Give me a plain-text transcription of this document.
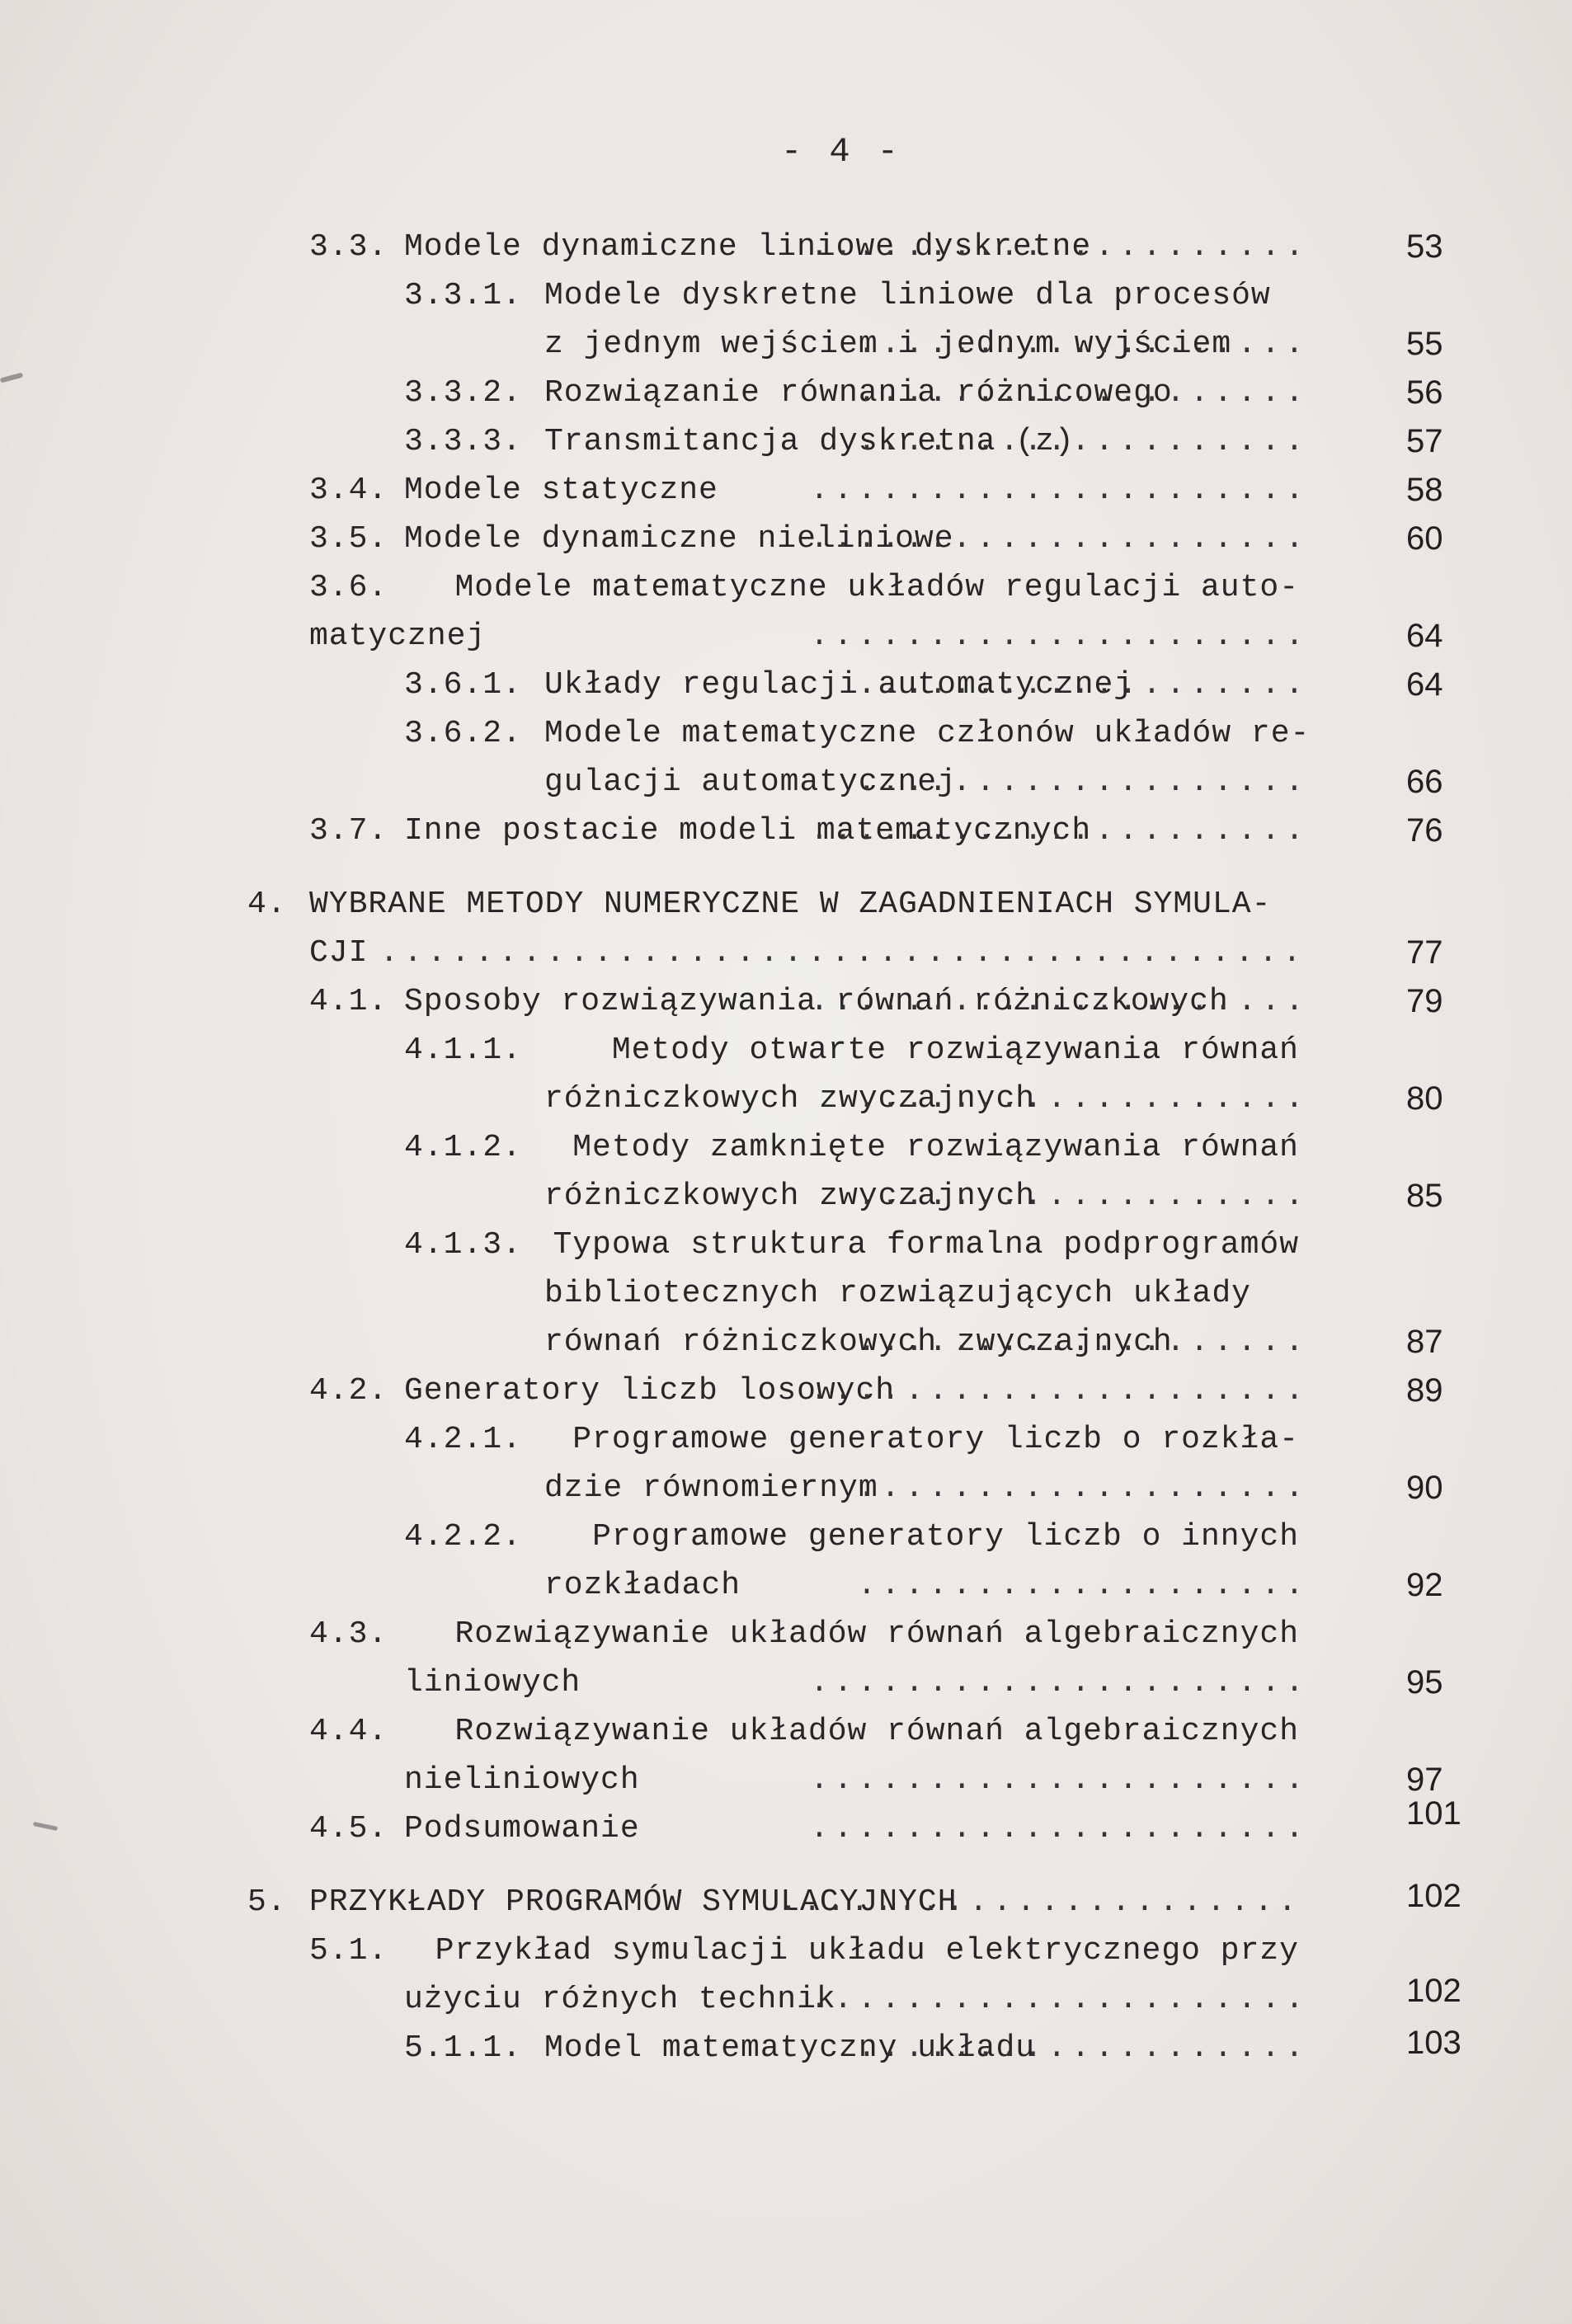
- 4 -
3.3. Modele dynamiczne liniowe dyskretne .....	53
3.3.1. Modele dyskretne liniowe dla procesów
z jednym wejściem i jednym wyjściem .....	55
3.3.2. Rozwiązanie równania różnicowego .....	56
3.3.3. Transmitancja dyskretna (z) .....	57
3.4. Modele statyczne .....	58
3.5. Modele dynamiczne nieliniowe .....	60
3.6.	Modele matematyczne układów regulacji auto-
matycznej .....	64
3.6.1. Układy regulacji automatycznej .....	64
3.6.2. Modele matematyczne członów układów re-
gulacji automatycznej .....	66
3.7. Inne postacie modeli matematycznych .....	76
4. WYBRANE METODY NUMERYCZNE W ZAGADNIENIACH SYMULA-
CJI .....	77
4.1. Sposoby rozwiązywania równań różniczkowych .....	79
4.1.1.	Metody otwarte rozwiązywania równań
różniczkowych zwyczajnych .....	80
4.1.2.	Metody zamknięte rozwiązywania równań
różniczkowych zwyczajnych .....	85
4.1.3. Typowa struktura formalna podprogramów
bibliotecznych rozwiązujących układy
równań różniczkowych zwyczajnych .....	87
4.2. Generatory liczb losowych .....	89
4.2.1.	Programowe generatory liczb o rozkła-
dzie równomiernym .....	90
4.2.2.	Programowe generatory liczb o innych
rozkładach .....	92
4.3.	Rozwiązywanie układów równań algebraicznych
liniowych .....	95
4.4.	Rozwiązywanie układów równań algebraicznych
nieliniowych .....	97
4.5. Podsumowanie .....	101
5. PRZYKŁADY PROGRAMÓW SYMULACYJNYCH .....	102
5.1.	Przykład symulacji układu elektrycznego przy
użyciu różnych technik .....	102
5.1.1. Model matematyczny układu .....	103
